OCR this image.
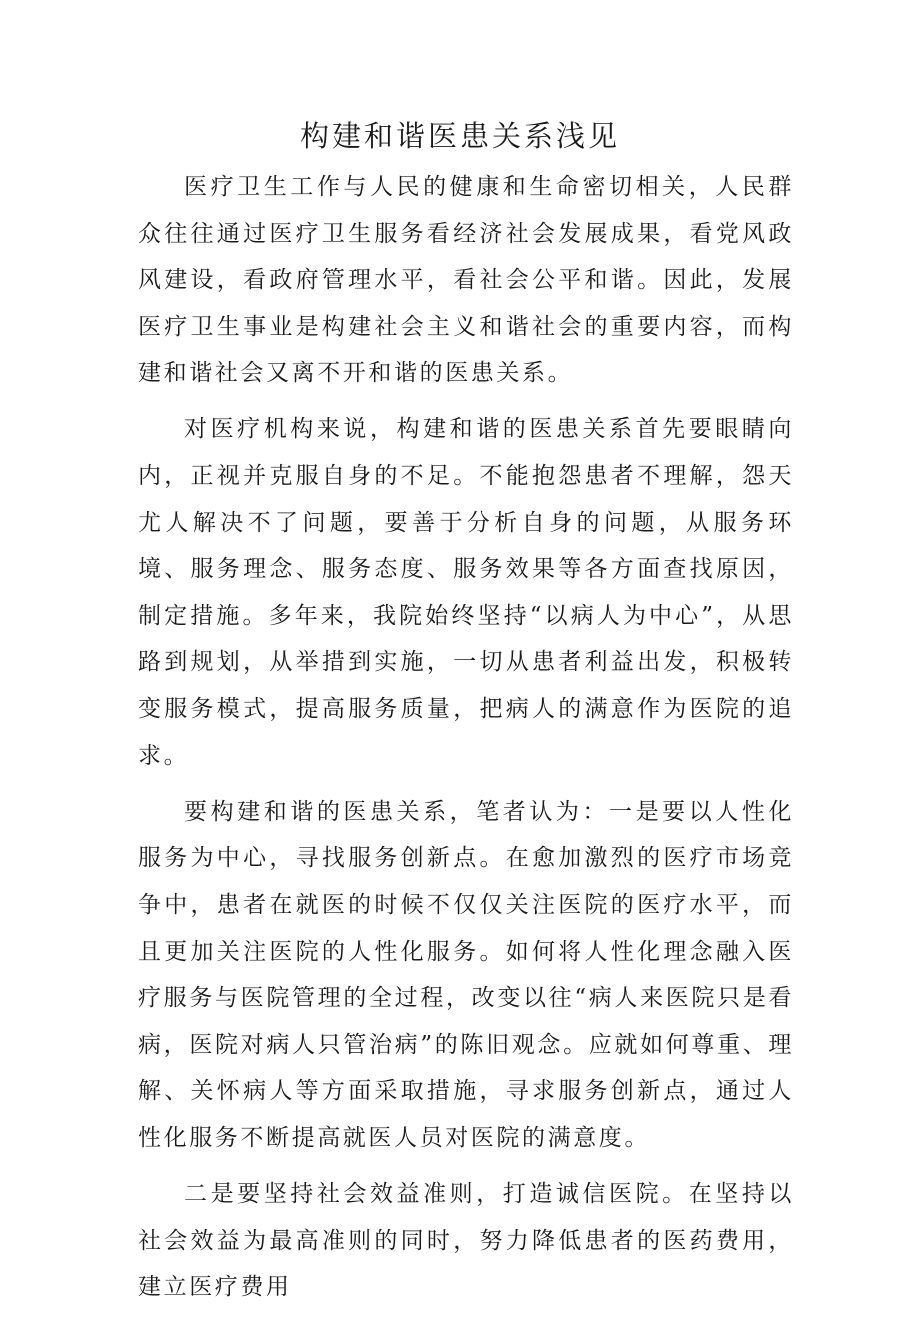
构建和谐医患关系浅见

医疗卫生工作与人民的健康和生命密切相关，人民群众往往通过医疗卫生服务看经济社会发展成果，看党风政风建设，看政府管理水平，看社会公平和谐。因此，发展医疗卫生事业是构建社会主义和谐社会的重要内容，而构建和谐社会又离不开和谐的医患关系。

对医疗机构来说，构建和谐的医患关系首先要眼睛向内，正视并克服自身的不足。不能抱怨患者不理解，怨天尤人解决不了问题，要善于分析自身的问题，从服务环境、服务理念、服务态度、服务效果等各方面查找原因，制定措施。多年来，我院始终坚持“以病人为中心”，从思路到规划，从举措到实施，一切从患者利益出发，积极转变服务模式，提高服务质量，把病人的满意作为医院的追求。

要构建和谐的医患关系，笔者认为：一是要以人性化服务为中心，寻找服务创新点。在愈加激烈的医疗市场竞争中，患者在就医的时候不仅仅关注医院的医疗水平，而且更加关注医院的人性化服务。如何将人性化理念融入医疗服务与医院管理的全过程，改变以往“病人来医院只是看病，医院对病人只管治病”的陈旧观念。应就如何尊重、理解、关怀病人等方面采取措施，寻求服务创新点，通过人性化服务不断提高就医人员对医院的满意度。

二是要坚持社会效益准则，打造诚信医院。在坚持以社会效益为最高准则的同时，努力降低患者的医药费用，建立医疗费用
